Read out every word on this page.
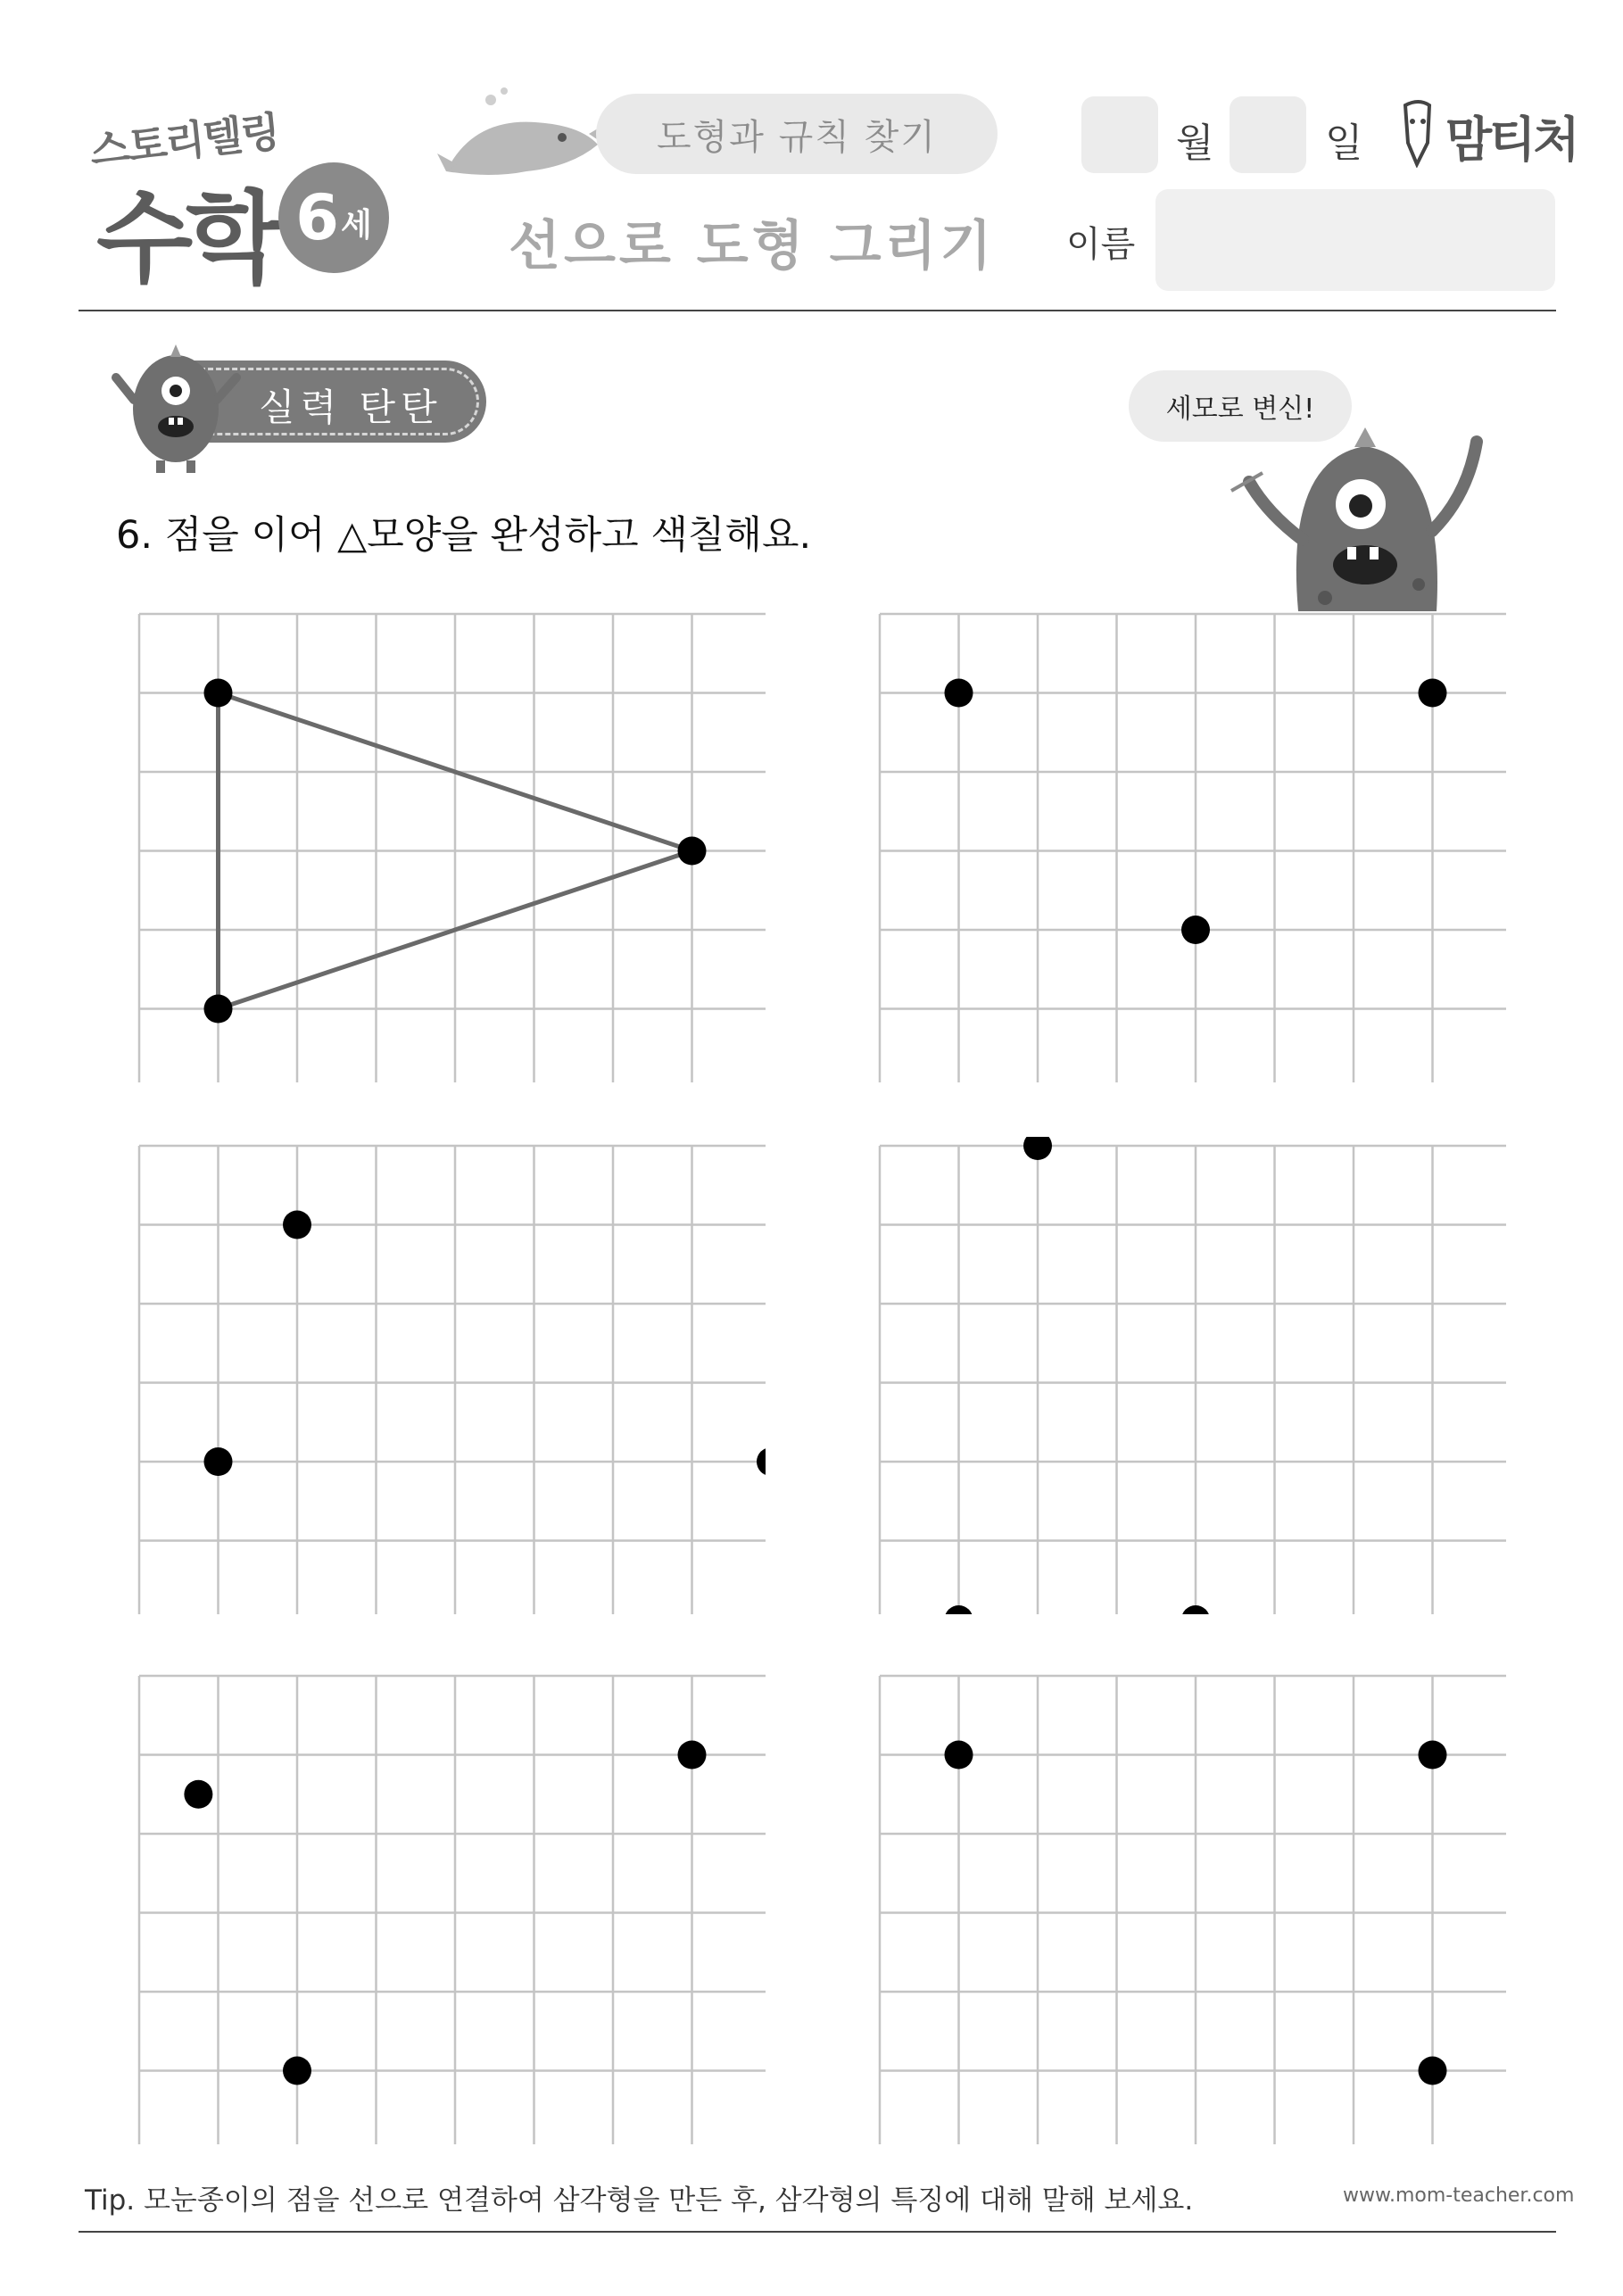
스토리텔링
수학 6 세
도형과 규칙 찾기
선으로 도형 그리기
월	일 맘티처
이름
실력 탄탄	세모로 변신!
6. 점을 이어 △모양을 완성하고 색칠해요.
Tip. 모눈종이의 점을 선으로 연결하여 삼각형을 만든 후, 삼각형의 특징에 대해 말해 보세요.	www.mom-teacher.com
